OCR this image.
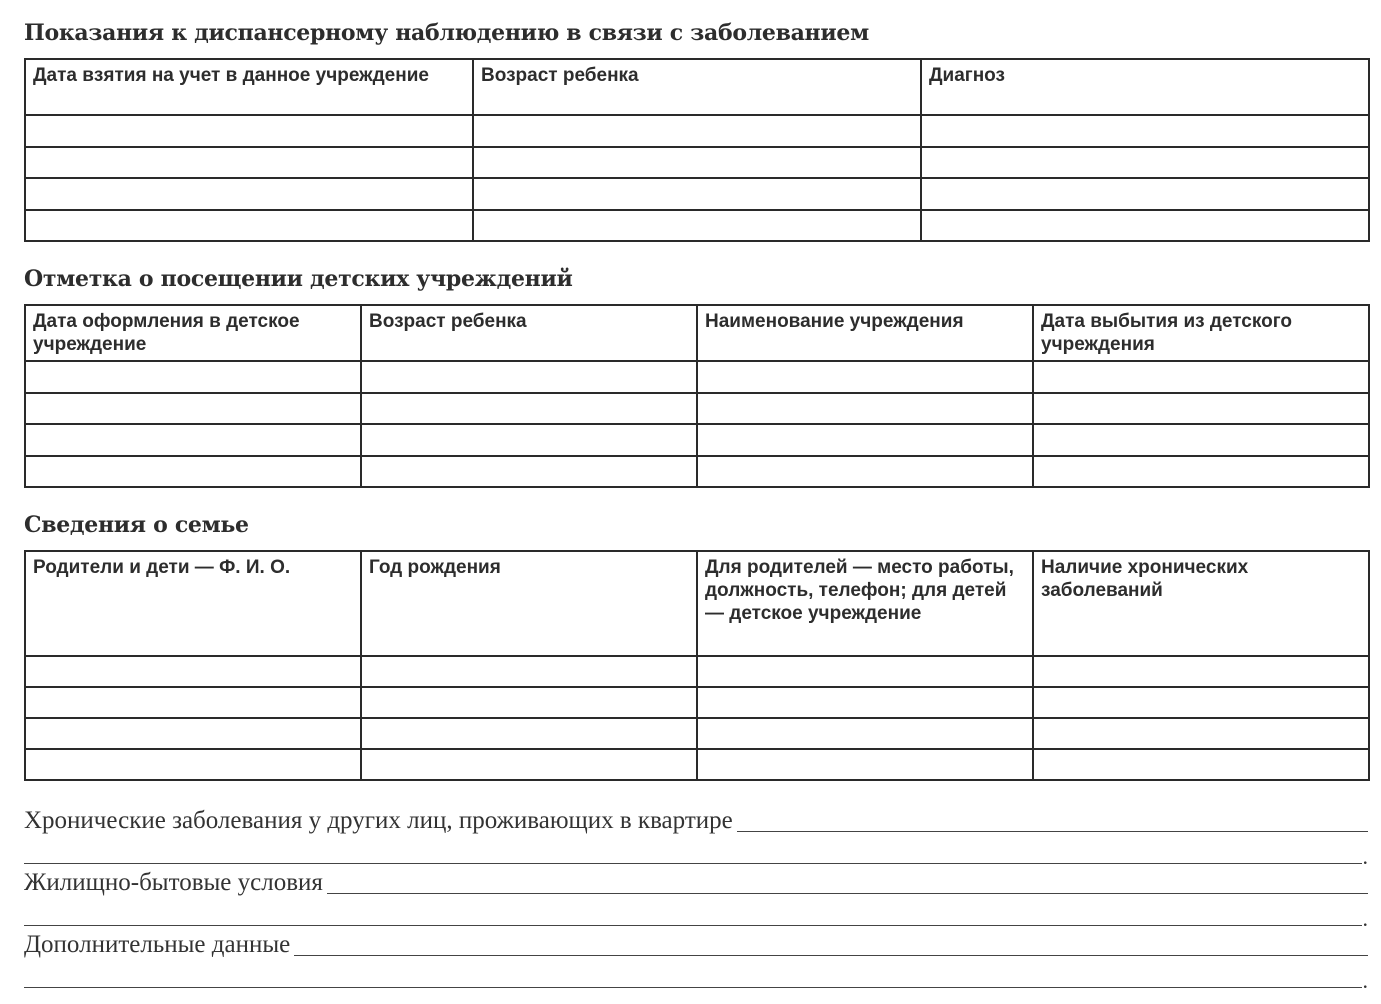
Показания к диспансерному наблюдению в связи с заболеванием
Дата взятия на учет в данное учреждение	Возраст ребенка	Диагноз

Отметка о посещении детских учреждений
Дата оформления в детское учреждение	Возраст ребенка	Наименование учреждения	Дата выбытия из детского учреждения

Сведения о семье
Родители и дети — Ф. И. О.	Год рождения	Для родителей — место работы, должность, телефон; для детей — детское учреждение	Наличие хронических заболеваний

Хронические заболевания у других лиц, проживающих в квартире
.
Жилищно-бытовые условия
.
Дополнительные данные
.
